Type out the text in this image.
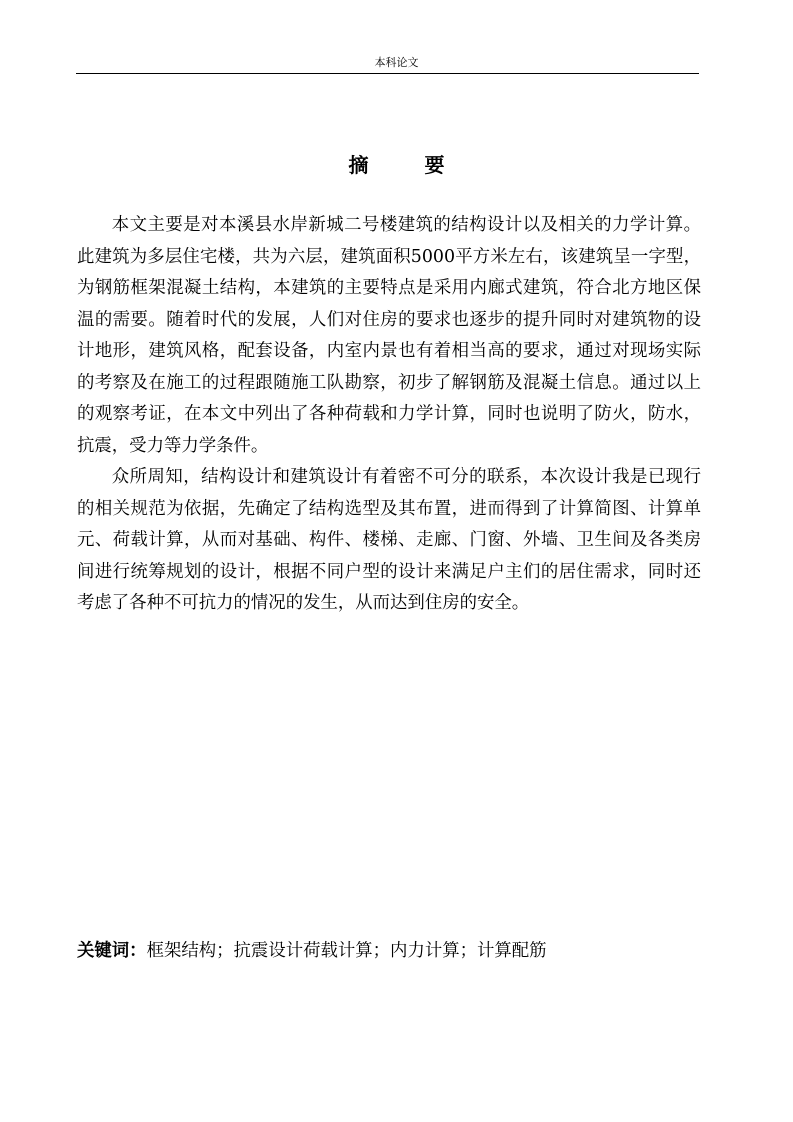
本科论文
摘	要

本文主要是对本溪县水岸新城二号楼建筑的结构设计以及相关的力学计算。此建筑为多层住宅楼，共为六层，建筑面积5000平方米左右，该建筑呈一字型，为钢筋框架混凝土结构，本建筑的主要特点是采用内廊式建筑，符合北方地区保温的需要。随着时代的发展，人们对住房的要求也逐步的提升同时对建筑物的设计地形，建筑风格，配套设备，内室内景也有着相当高的要求，通过对现场实际的考察及在施工的过程跟随施工队勘察，初步了解钢筋及混凝土信息。通过以上的观察考证，在本文中列出了各种荷载和力学计算，同时也说明了防火，防水，抗震，受力等力学条件。

众所周知，结构设计和建筑设计有着密不可分的联系，本次设计我是已现行的相关规范为依据，先确定了结构选型及其布置，进而得到了计算简图、计算单元、荷载计算，从而对基础、构件、楼梯、走廊、门窗、外墙、卫生间及各类房间进行统筹规划的设计，根据不同户型的设计来满足户主们的居住需求，同时还考虑了各种不可抗力的情况的发生，从而达到住房的安全。

关键词：框架结构；抗震设计荷载计算；内力计算；计算配筋
